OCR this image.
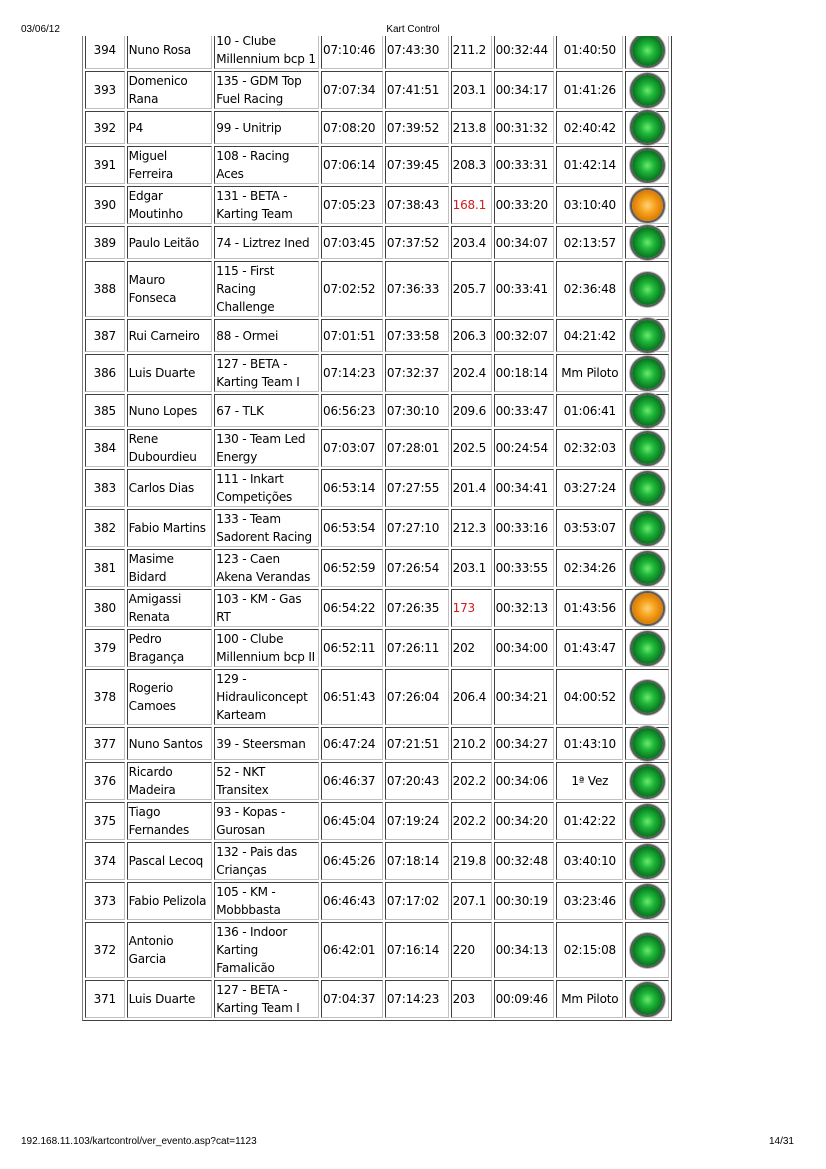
03/06/12	Kart Control
394	Nuno Rosa	10 - Clube Millennium bcp 1	07:10:46	07:43:30	211.2	00:32:44	01:40:50	
393	Domenico Rana	135 - GDM Top Fuel Racing	07:07:34	07:41:51	203.1	00:34:17	01:41:26	
392	P4	99 - Unitrip	07:08:20	07:39:52	213.8	00:31:32	02:40:42	
391	Miguel Ferreira	108 - Racing Aces	07:06:14	07:39:45	208.3	00:33:31	01:42:14	
390	Edgar Moutinho	131 - BETA - Karting Team	07:05:23	07:38:43	168.1	00:33:20	03:10:40	
389	Paulo Leitão	74 - Liztrez Ined	07:03:45	07:37:52	203.4	00:34:07	02:13:57	
388	Mauro Fonseca	115 - First Racing Challenge	07:02:52	07:36:33	205.7	00:33:41	02:36:48	
387	Rui Carneiro	88 - Ormei	07:01:51	07:33:58	206.3	00:32:07	04:21:42	
386	Luis Duarte	127 - BETA - Karting Team I	07:14:23	07:32:37	202.4	00:18:14	Mm Piloto	
385	Nuno Lopes	67 - TLK	06:56:23	07:30:10	209.6	00:33:47	01:06:41	
384	Rene Dubourdieu	130 - Team Led Energy	07:03:07	07:28:01	202.5	00:24:54	02:32:03	
383	Carlos Dias	111 - Inkart Competições	06:53:14	07:27:55	201.4	00:34:41	03:27:24	
382	Fabio Martins	133 - Team Sadorent Racing	06:53:54	07:27:10	212.3	00:33:16	03:53:07	
381	Masime Bidard	123 - Caen Akena Verandas	06:52:59	07:26:54	203.1	00:33:55	02:34:26	
380	Amigassi Renata	103 - KM - Gas RT	06:54:22	07:26:35	173	00:32:13	01:43:56	
379	Pedro Bragança	100 - Clube Millennium bcp II	06:52:11	07:26:11	202	00:34:00	01:43:47	
378	Rogerio Camoes	129 - Hidrauliconcept Karteam	06:51:43	07:26:04	206.4	00:34:21	04:00:52	
377	Nuno Santos	39 - Steersman	06:47:24	07:21:51	210.2	00:34:27	01:43:10	
376	Ricardo Madeira	52 - NKT Transitex	06:46:37	07:20:43	202.2	00:34:06	1ª Vez	
375	Tiago Fernandes	93 - Kopas - Gurosan	06:45:04	07:19:24	202.2	00:34:20	01:42:22	
374	Pascal Lecoq	132 - Pais das Crianças	06:45:26	07:18:14	219.8	00:32:48	03:40:10	
373	Fabio Pelizola	105 - KM - Mobbbasta	06:46:43	07:17:02	207.1	00:30:19	03:23:46	
372	Antonio Garcia	136 - Indoor Karting Famalicão	06:42:01	07:16:14	220	00:34:13	02:15:08	
371	Luis Duarte	127 - BETA - Karting Team I	07:04:37	07:14:23	203	00:09:46	Mm Piloto	
192.168.11.103/kartcontrol/ver_evento.asp?cat=1123	14/31
